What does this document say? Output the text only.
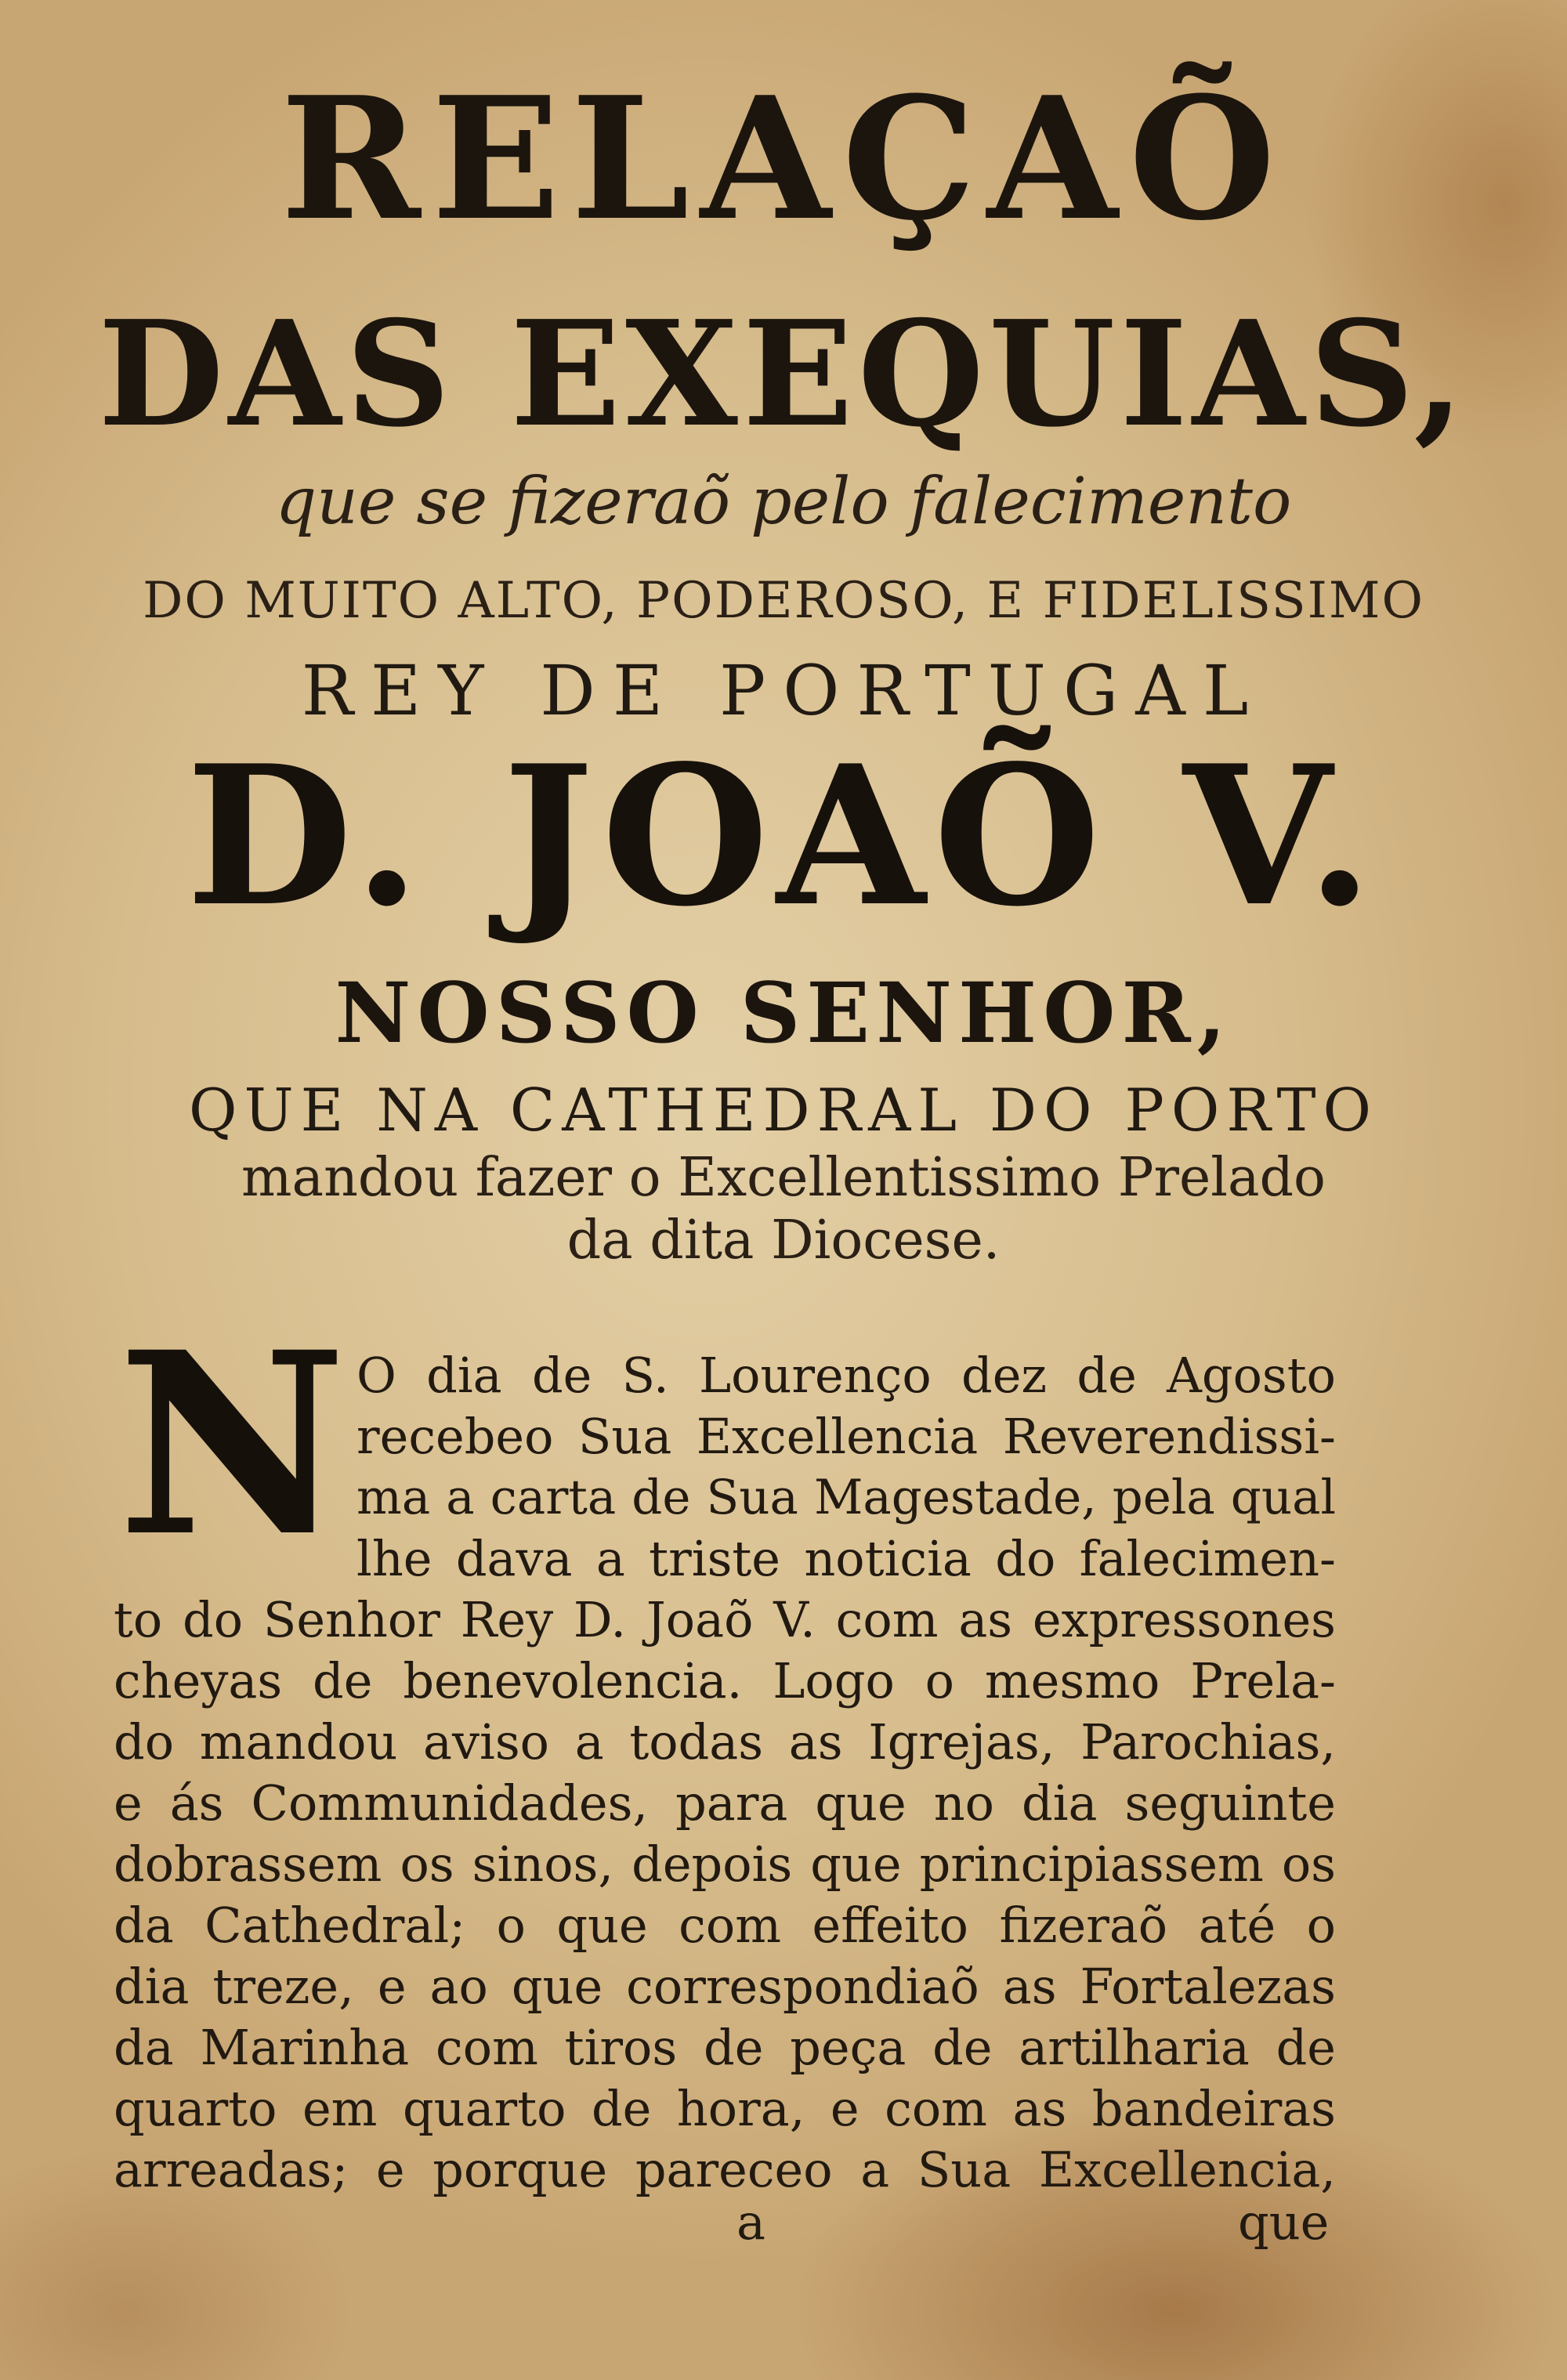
RELAÇAÕ
DAS EXEQUIAS,
que se fizeraõ pelo falecimento
DO MUITO ALTO, PODEROSO, E FIDELISSIMO
REY DE PORTUGAL
D. JOAÕ V.
NOSSO SENHOR,
QUE NA CATHEDRAL DO PORTO
mandou fazer o Excellentissimo Prelado
da dita Diocese.
N O dia de S. Lourenço dez de Agosto
recebeo Sua Excellencia Reverendissi-
ma a carta de Sua Magestade, pela qual
lhe dava a triste noticia do falecimen-
to do Senhor Rey D. Joaõ V. com as expressones
cheyas de benevolencia. Logo o mesmo Prela-
do mandou aviso a todas as Igrejas, Parochias,
e ás Communidades, para que no dia seguinte
dobrassem os sinos, depois que principiassem os
da Cathedral; o que com effeito fizeraõ até o
dia treze, e ao que correspondiaõ as Fortalezas
da Marinha com tiros de peça de artilharia de
quarto em quarto de hora, e com as bandeiras
arreadas; e porque pareceo a Sua Excellencia,
a	que
